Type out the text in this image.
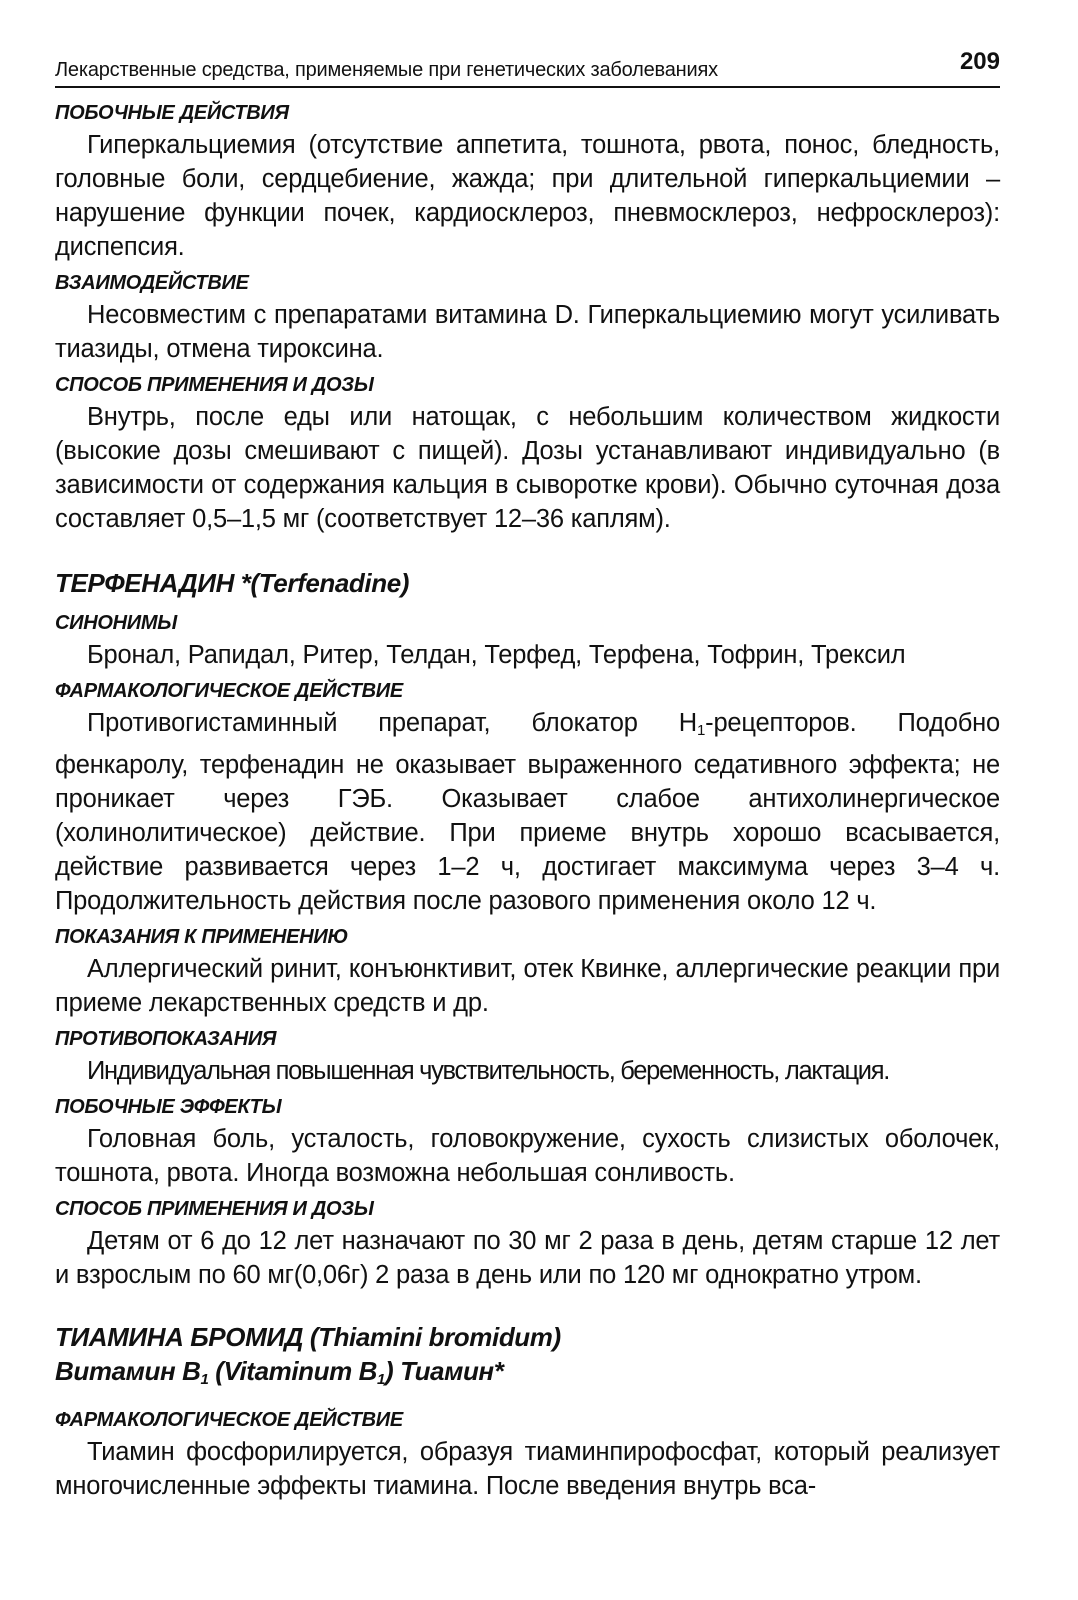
Лекарственные средства, применяемые при генетических заболеваниях	209
ПОБОЧНЫЕ ДЕЙСТВИЯ

Гиперкальциемия (отсутствие аппетита, тошнота, рвота, понос, бледность, головные боли, сердцебиение, жажда; при длительной гиперкальциемии – нарушение функции почек, кардиосклероз, пневмосклероз, нефросклероз): диспепсия.

ВЗАИМОДЕЙСТВИЕ

Несовместим с препаратами витамина D. Гиперкальциемию могут усиливать тиазиды, отмена тироксина.

СПОСОБ ПРИМЕНЕНИЯ И ДОЗЫ

Внутрь, после еды или натощак, с небольшим количеством жидкости (высокие дозы смешивают с пищей). Дозы устанавливают индивидуально (в зависимости от содержания кальция в сыворотке крови). Обычно суточная доза составляет 0,5–1,5 мг (соответствует 12–36 каплям).

ТЕРФЕНАДИН *(Terfenadine)
СИНОНИМЫ

Бронал, Рапидал, Ритер, Телдан, Терфед, Терфена, Тофрин, Трексил

ФАРМАКОЛОГИЧЕСКОЕ ДЕЙСТВИЕ

Противогистаминный препарат, блокатор $H_1$-рецепторов. Подобно фенкаролу, терфенадин не оказывает выраженного седативного эффекта; не проникает через ГЭБ. Оказывает слабое антихолинергическое (холинолитическое) действие. При приеме внутрь хорошо всасывается, действие развивается через 1–2 ч, достигает максимума через 3–4 ч. Продолжительность действия после разового применения около 12 ч.

ПОКАЗАНИЯ К ПРИМЕНЕНИЮ

Аллергический ринит, конъюнктивит, отек Квинке, аллергические реакции при приеме лекарственных средств и др.

ПРОТИВОПОКАЗАНИЯ

Индивидуальная повышенная чувствительность, беременность, лактация.

ПОБОЧНЫЕ ЭФФЕКТЫ

Головная боль, усталость, головокружение, сухость слизистых оболочек, тошнота, рвота. Иногда возможна небольшая сонливость.

СПОСОБ ПРИМЕНЕНИЯ И ДОЗЫ

Детям от 6 до 12 лет назначают по 30 мг 2 раза в день, детям старше 12 лет и взрослым по 60 мг(0,06г) 2 раза в день или по 120 мг однократно утром.

ТИАМИНА БРОМИД (Thiamini bromidum)
Витамин $B_1$ (Vitaminum $B_1$) Тиамин*
ФАРМАКОЛОГИЧЕСКОЕ ДЕЙСТВИЕ

Тиамин фосфорилируется, образуя тиаминпирофосфат, который реализует многочисленные эффекты тиамина. После введения внутрь вса-
